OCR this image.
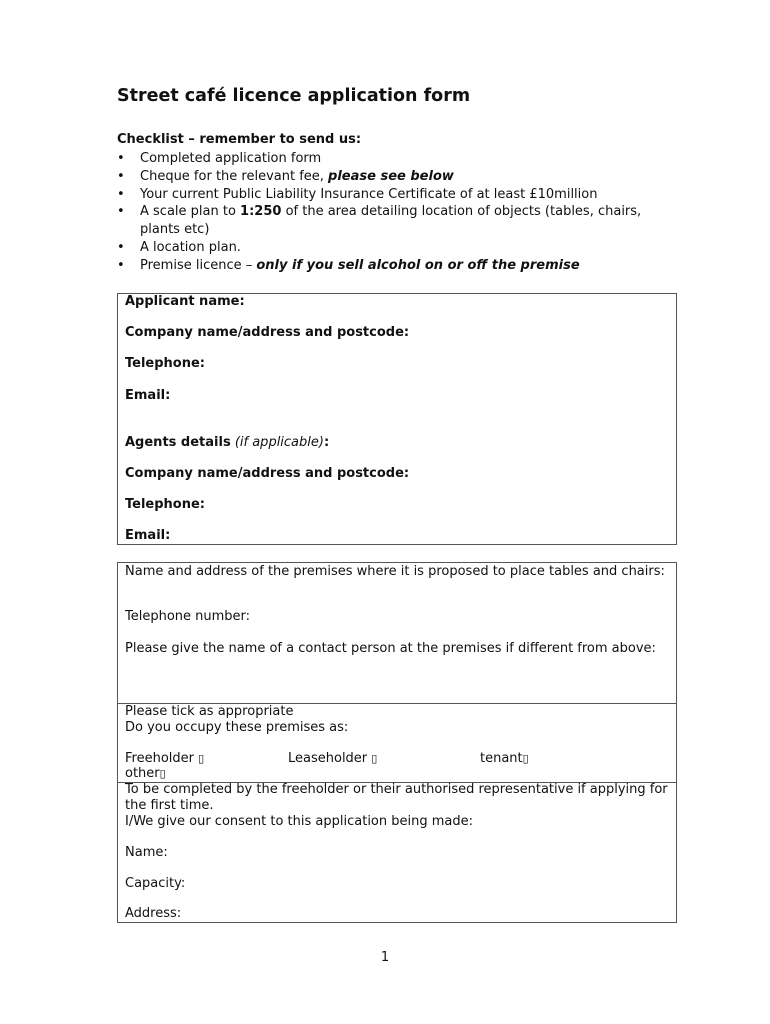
Street café licence application form
Checklist – remember to send us:
• Completed application form
• Cheque for the relevant fee, please see below
• Your current Public Liability Insurance Certificate of at least £10million
• A scale plan to 1:250 of the area detailing location of objects (tables, chairs, plants etc)
• A location plan.
• Premise licence – only if you sell alcohol on or off the premise
Applicant name:
Company name/address and postcode:
Telephone:
Email:
Agents details (if applicable):
Company name/address and postcode:
Telephone:
Email:
Name and address of the premises where it is proposed to place tables and chairs:
Telephone number:
Please give the name of a contact person at the premises if different from above:
Please tick as appropriate
Do you occupy these premises as:
Freeholder ▯	Leaseholder ▯	tenant▯
other▯
To be completed by the freeholder or their authorised representative if applying for the first time.
I/We give our consent to this application being made:
Name:
Capacity:
Address:
1
